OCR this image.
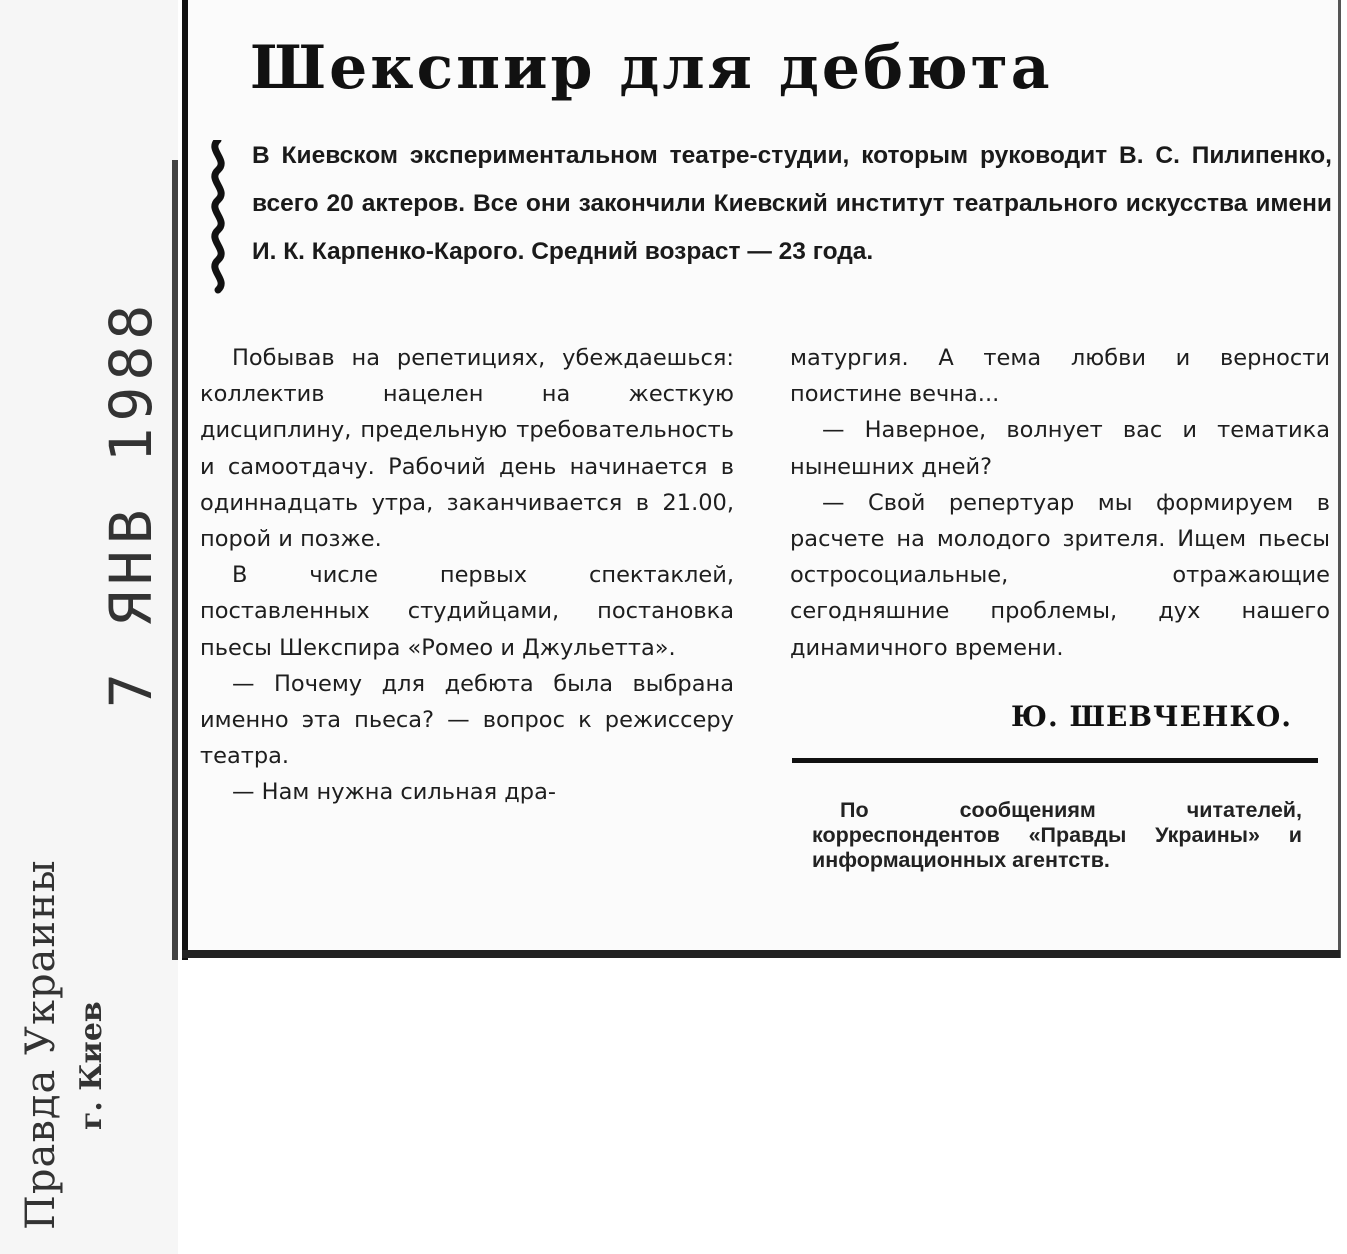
7 ЯНВ 1988
Правда Украины г. Киев
Шекспир для дебюта
В Киевском экспериментальном театре-студии, которым руководит В. С. Пилипенко, всего 20 актеров. Все они закончили Киевский институт театрального искусства имени И. К. Карпенко-Карого. Средний возраст — 23 года.

Побывав на репетициях, убеждаешься: коллектив нацелен на жесткую дисциплину, предельную требовательность и самоотдачу. Рабочий день начинается в одиннадцать утра, заканчивается в 21.00, порой и позже.

В числе первых спектаклей, поставленных студийцами, постановка пьесы Шекспира «Ромео и Джульетта».

— Почему для дебюта была выбрана именно эта пьеса? — вопрос к режиссеру театра.

— Нам нужна сильная дра-

матургия. А тема любви и верности поистине вечна...

— Наверное, волнует вас и тематика нынешних дней?

— Свой репертуар мы формируем в расчете на молодого зрителя. Ищем пьесы остросоциальные, отражающие сегодняшние проблемы, дух нашего динамичного времени.

Ю. ШЕВЧЕНКО.
По сообщениям читателей, корреспондентов «Правды Украины» и информационных агентств.
